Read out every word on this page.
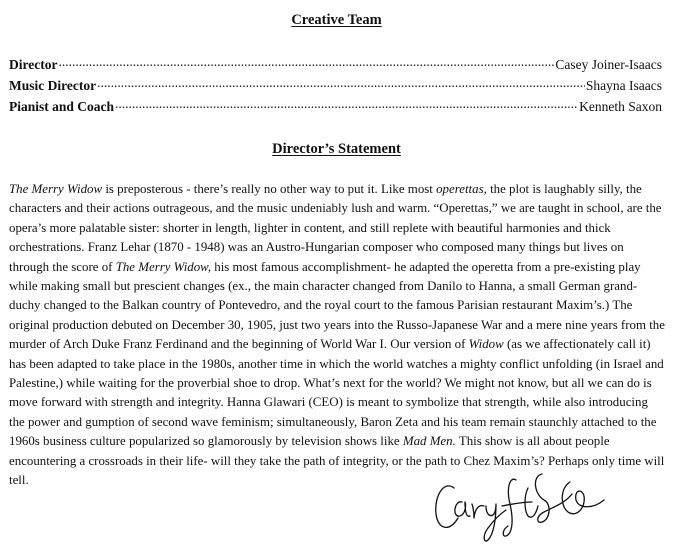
Creative Team
Director .....	Casey Joiner-Isaacs
Music Director .....	Shayna Isaacs
Pianist and Coach .....	Kenneth Saxon
Director’s Statement

The Merry Widow is preposterous - there’s really no other way to put it. Like most operettas, the plot is laughably silly, the characters and their actions outrageous, and the music undeniably lush and warm. “Operettas,” we are taught in school, are the opera’s more palatable sister: shorter in length, lighter in content, and still replete with beautiful harmonies and thick orchestrations. Franz Lehar (1870 - 1948) was an Austro-Hungarian composer who composed many things but lives on through the score of The Merry Widow, his most famous accomplishment- he adapted the operetta from a pre-existing play while making small but prescient changes (ex., the main character changed from Danilo to Hanna, a small German grand-duchy changed to the Balkan country of Pontevedro, and the royal court to the famous Parisian restaurant Maxim’s.) The original production debuted on December 30, 1905, just two years into the Russo-Japanese War and a mere nine years from the murder of Arch Duke Franz Ferdinand and the beginning of World War I. Our version of Widow (as we affectionately call it) has been adapted to take place in the 1980s, another time in which the world watches a mighty conflict unfolding (in Israel and Palestine,) while waiting for the proverbial shoe to drop. What’s next for the world? We might not know, but all we can do is move forward with strength and integrity. Hanna Glawari (CEO) is meant to symbolize that strength, while also introducing the power and gumption of second wave feminism; simultaneously, Baron Zeta and his team remain staunchly attached to the 1960s business culture popularized so glamorously by television shows like Mad Men. This show is all about people encountering a crossroads in their life- will they take the path of integrity, or the path to Chez Maxim’s? Perhaps only time will tell.
